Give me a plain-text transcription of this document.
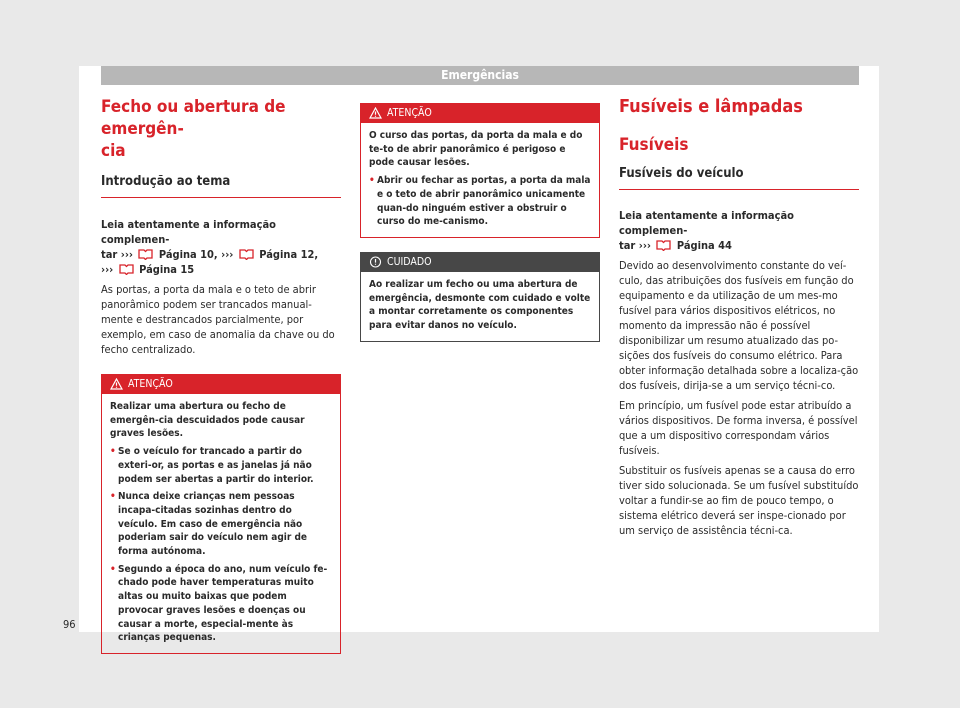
Emergências
Fecho ou abertura de emergên-
cia
Introdução ao tema

Leia atentamente a informação complemen-
tar ››› Página 10, ››› Página 12,
››› Página 15

As portas, a porta da mala e o teto de abrir panorâmico podem ser trancados manual-mente e destrancados parcialmente, por exemplo, em caso de anomalia da chave ou do fecho centralizado.

ATENÇÃO
Realizar uma abertura ou fecho de emergên-cia descuidados pode causar graves lesões.
• Se o veículo for trancado a partir do exteri-or, as portas e as janelas já não podem ser abertas a partir do interior.
• Nunca deixe crianças nem pessoas incapa-citadas sozinhas dentro do veículo. Em caso de emergência não poderiam sair do veículo nem agir de forma autónoma.
• Segundo a época do ano, num veículo fe-chado pode haver temperaturas muito altas ou muito baixas que podem provocar graves lesões e doenças ou causar a morte, especial-mente às crianças pequenas.
ATENÇÃO
O curso das portas, da porta da mala e do te-to de abrir panorâmico é perigoso e pode causar lesões.
• Abrir ou fechar as portas, a porta da mala e o teto de abrir panorâmico unicamente quan-do ninguém estiver a obstruir o curso do me-canismo.
CUIDADO
Ao realizar um fecho ou uma abertura de emergência, desmonte com cuidado e volte a montar corretamente os componentes para evitar danos no veículo.
Fusíveis e lâmpadas
Fusíveis
Fusíveis do veículo

Leia atentamente a informação complemen-
tar ››› Página 44

Devido ao desenvolvimento constante do veí-culo, das atribuições dos fusíveis em função do equipamento e da utilização de um mes-mo fusível para vários dispositivos elétricos, no momento da impressão não é possível disponibilizar um resumo atualizado das po-sições dos fusíveis do consumo elétrico. Para obter informação detalhada sobre a localiza-ção dos fusíveis, dirija-se a um serviço técni-co.

Em princípio, um fusível pode estar atribuído a vários dispositivos. De forma inversa, é possível que a um dispositivo correspondam vários fusíveis.

Substituir os fusíveis apenas se a causa do erro tiver sido solucionada. Se um fusível substituído voltar a fundir-se ao fim de pouco tempo, o sistema elétrico deverá ser inspe-cionado por um serviço de assistência técni-ca.

96
